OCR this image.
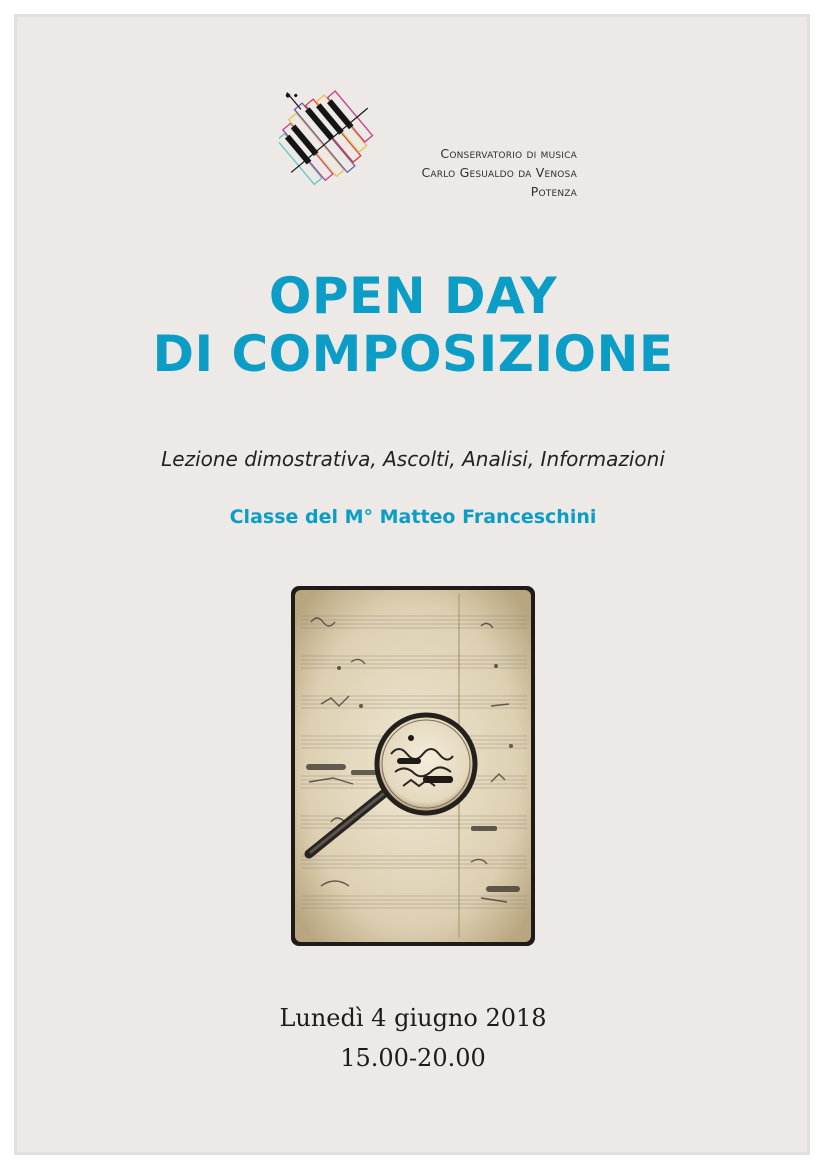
Conservatorio di musica
Carlo Gesualdo da Venosa
Potenza
OPEN DAY
DI COMPOSIZIONE
Lezione dimostrativa, Ascolti, Analisi, Informazioni
Classe del M° Matteo Franceschini
Lunedì 4 giugno 2018
15.00-20.00
